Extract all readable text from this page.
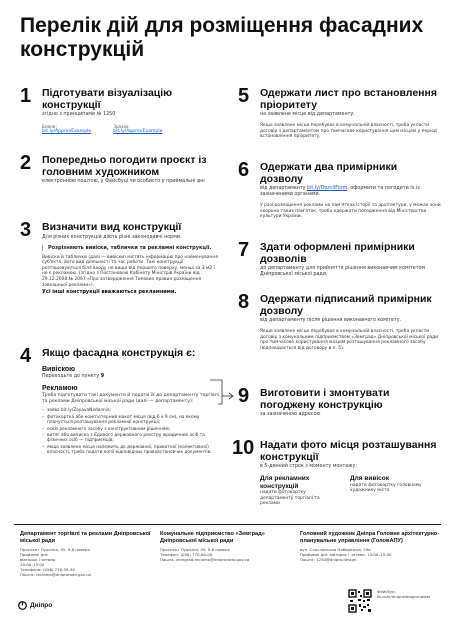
Перелік дій для розміщення фасадних конструкцій
1 Підготувати візуалізацію конструкції
згідно з принципами № 1250
Бланк:
bit.ly/ApprovExample
Зразок:
bit.ly/ApprovExample
2 Попередньо погодити проєкт із головним художником
електронною поштою, у Фейсбуці чи особисто у приймальні дні
3 Визначити вид конструкції
Для різних конструкцій діють різні законодавчі норми.
Розрізняють вивіски, таблички та рекламні конструкції.
Вивіски й таблички (далі — вивіски) містять інформацію про найменування суб'єкта, його вид діяльності та час роботи. Такі конструкції розташовуються біля входу не вище від першого поверху, менші за 3 м2 і не є рекламою. (згідно з Постановою Кабінету Міністрів України від 29.12.2008 № 2067 «Про затвердження Типових правил розміщення зовнішньої реклами»).
Усі інші конструкції вважаються рекламними.
4 Якщо фасадна конструкція є:
Вивіскою
Переходьте до пункту 9
Рекламою
Треба підготувати такі документи й подати їх до департаменту торгівлі та реклами Дніпровської міської ради (далі — департаменту):
– заява bit.ly/ZayavaNadannia;
– фотокартка або комп'ютерний макет місця (від 6 х 9 см), на якому планується розташування рекламної конструкції;
– ескіз рекламного засобу з конструктивним рішенням;
– витяг або виписка з Єдиного державного реєстру юридичних осіб та фізичних осіб — підприємців;
– якщо заявлене місце належить до державної, приватної (колективної) власності, треба подати копії відповідних правовстановчих документів.
5 Одержати лист про встановлення пріоритету
на заявлене місце від департаменту.
Якщо заявлене місце перебуває в комунальній власності, треба укласти договір з департаментом про тимчасове користування цим місцем у період встановлення пріоритету.
6 Одержати два примірники дозволу
від департаменту bit.ly/DozvilForm, оформити та погодити їх із зазначеними органами.
У разі розміщення реклами на пам'ятках історії та архітектури, у межах зони охорони таких пам'яток, треба одержати погодження від Міністерства культури України.
7 Здати оформлені примірники дозволів
до департаменту для прийняття рішення виконавчим комітетом Дніпровської міської ради.
8 Одержати підписаний примірник дозволу
від департаменту після рішення виконавчого комітету.
Якщо заявлене місце перебуває в комунальній власності, треба укласти договір з комунальним підприємством «Земград» Дніпровської міської ради про тимчасове користування місцем розташування рекламного засобу (відповідається від договору в п. 5).
9 Виготовити і змонтувати погоджену конструкцію
за зазначеною адресою
10 Надати фото місця розташування конструкції
в 5-денний строк з моменту монтажу:
Для рекламних конструкцій
надати фотокартку департаменту торгівлі та реклами
Для вивісок
надати фотокартку головному художнику міста
Департамент торгівлі та реклами Дніпровської міської ради
Проспект Пушкіна, 55, 9-й поверх
Прийомні дні:
вівторок і четвер
10:00–15:00
Телефони: (056) 770-39-30
Пошта: reclama@dniproroda.gov.ua
Комунальне підприємство «Земград» Дніпровської міської ради
Проспект Пушкіна, 55, 9-й поверх
Телефон: (056) 770-60-09
Пошта: zemgrad.reclama@dniproroda.gov.ua
Головний художник Дніпра Головне архітектурно-планувальне управління (ГоловАПУ)
вул. Стисламська Набережна, 29а
Прийомні дні: вівторок і четвер, 10:00–15:00
Пошта: 1250@dnipro.design
Фейсбук:
fb.com/dniprodesignmaster
Дніпро
